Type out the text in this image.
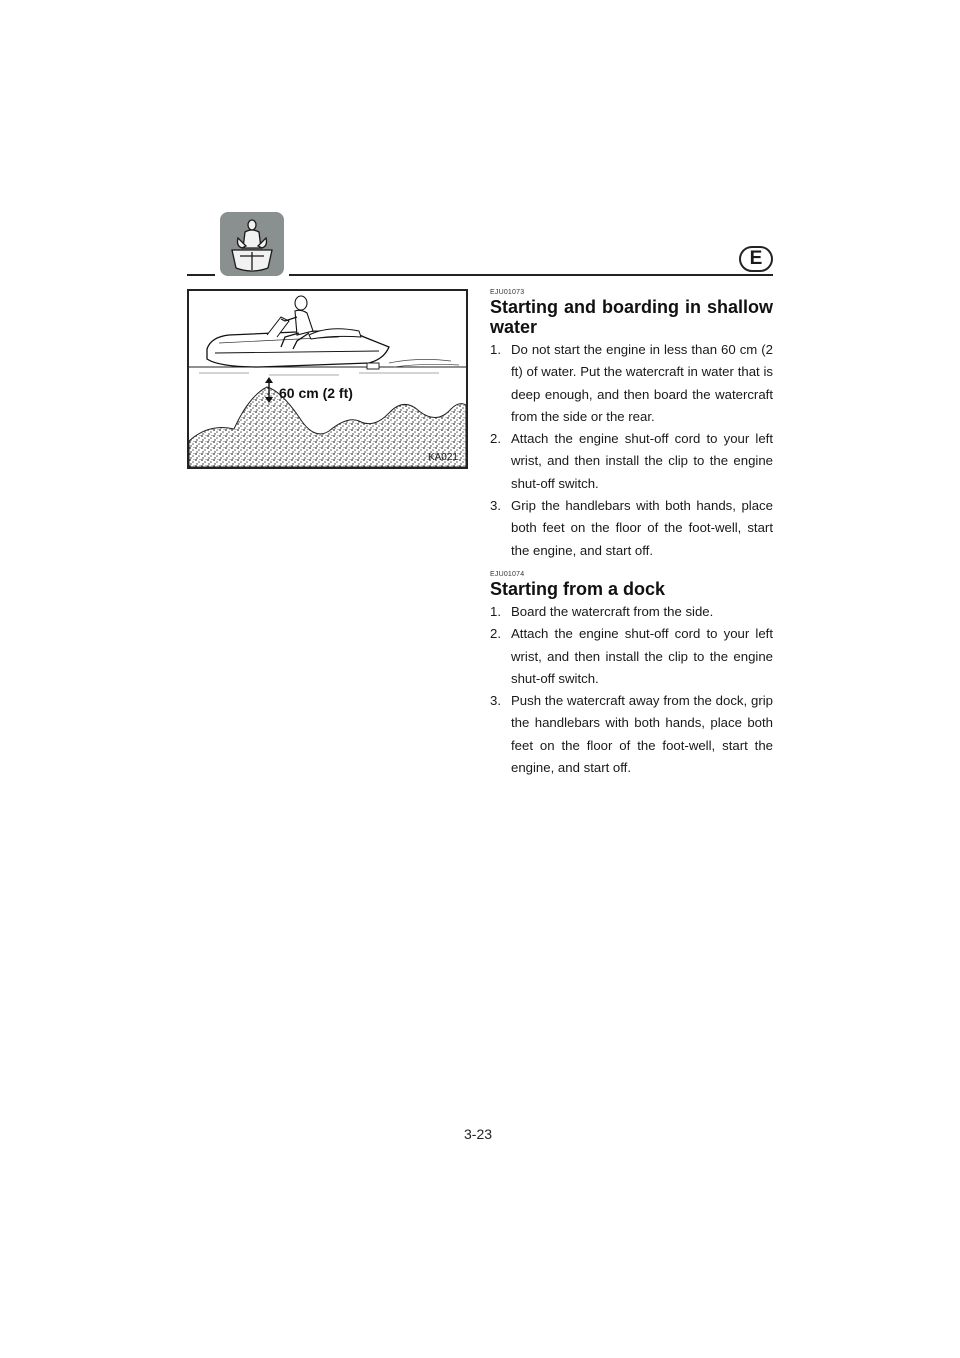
E
60 cm (2 ft)
KA021
EJU01073
Starting and boarding in shallow water
1. Do not start the engine in less than 60 cm (2 ft) of water. Put the watercraft in water that is deep enough, and then board the watercraft from the side or the rear.
2. Attach the engine shut-off cord to your left wrist, and then install the clip to the engine shut-off switch.
3. Grip the handlebars with both hands, place both feet on the floor of the foot-well, start the engine, and start off.
EJU01074
Starting from a dock
1. Board the watercraft from the side.
2. Attach the engine shut-off cord to your left wrist, and then install the clip to the engine shut-off switch.
3. Push the watercraft away from the dock, grip the handlebars with both hands, place both feet on the floor of the foot-well, start the engine, and start off.
3-23
